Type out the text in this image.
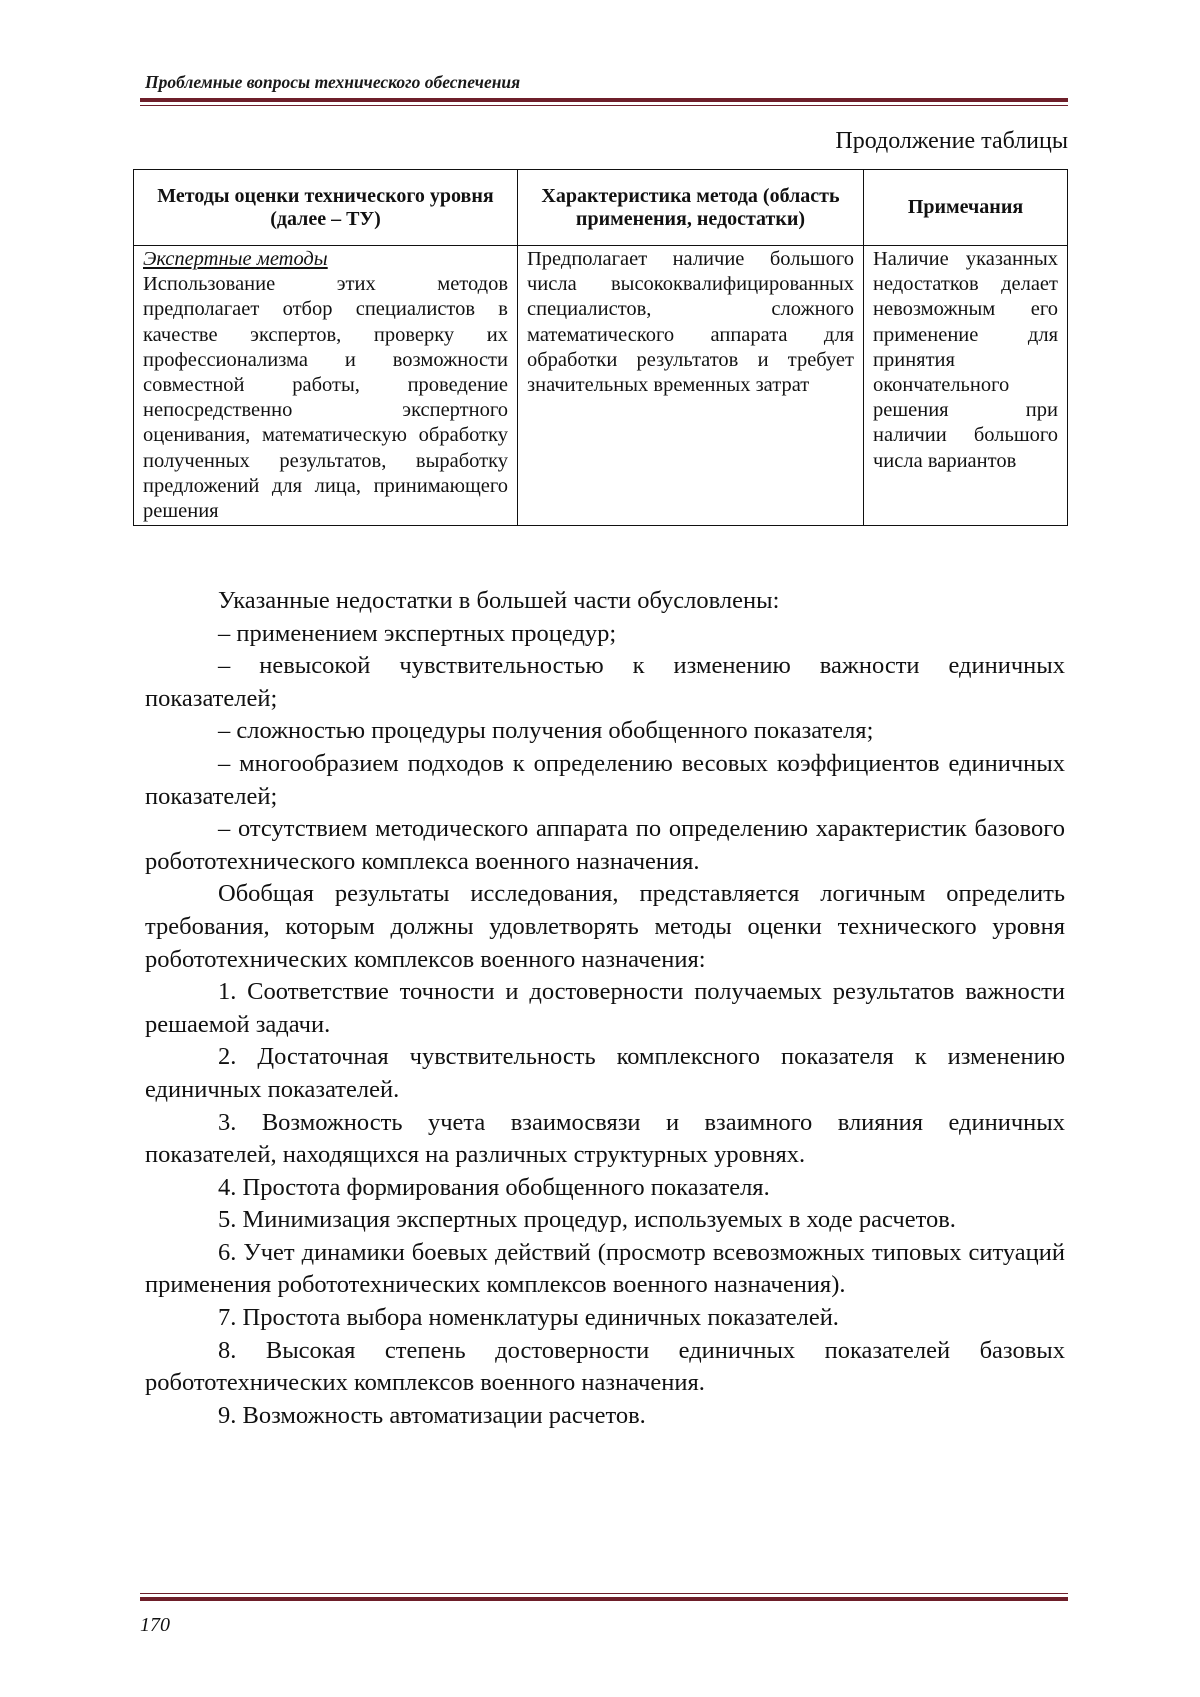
Проблемные вопросы технического обеспечения
Продолжение таблицы
Методы оценки технического уровня (далее – ТУ)	Характеристика метода (область применения, недостатки)	Примечания

Экспертные методы
Использование этих методов предполагает отбор специалистов в качестве экспертов, проверку их профессионализма и возможности совместной работы, проведение непосредственно экспертного оценивания, математическую обработку полученных результатов, выработку предложений для лица, принимающего решения	Предполагает наличие большого числа высококвалифицированных специалистов, сложного математического аппарата для обработки результатов и требует значительных временных затрат	Наличие указанных недостатков делает невозможным его применение для принятия окончательного решения при наличии большого числа вариантов

Указанные недостатки в большей части обусловлены:

– применением экспертных процедур;

– невысокой чувствительностью к изменению важности единичных показателей;

– сложностью процедуры получения обобщенного показателя;

– многообразием подходов к определению весовых коэффициентов единичных показателей;

– отсутствием методического аппарата по определению характеристик базового робототехнического комплекса военного назначения.

Обобщая результаты исследования, представляется логичным определить требования, которым должны удовлетворять методы оценки технического уровня робототехнических комплексов военного назначения:

1. Соответствие точности и достоверности получаемых результатов важности решаемой задачи.

2. Достаточная чувствительность комплексного показателя к изменению единичных показателей.

3. Возможность учета взаимосвязи и взаимного влияния единичных показателей, находящихся на различных структурных уровнях.

4. Простота формирования обобщенного показателя.

5. Минимизация экспертных процедур, используемых в ходе расчетов.

6. Учет динамики боевых действий (просмотр всевозможных типовых ситуаций применения робототехнических комплексов военного назначения).

7. Простота выбора номенклатуры единичных показателей.

8. Высокая степень достоверности единичных показателей базовых робототехнических комплексов военного назначения.

9. Возможность автоматизации расчетов.

170
